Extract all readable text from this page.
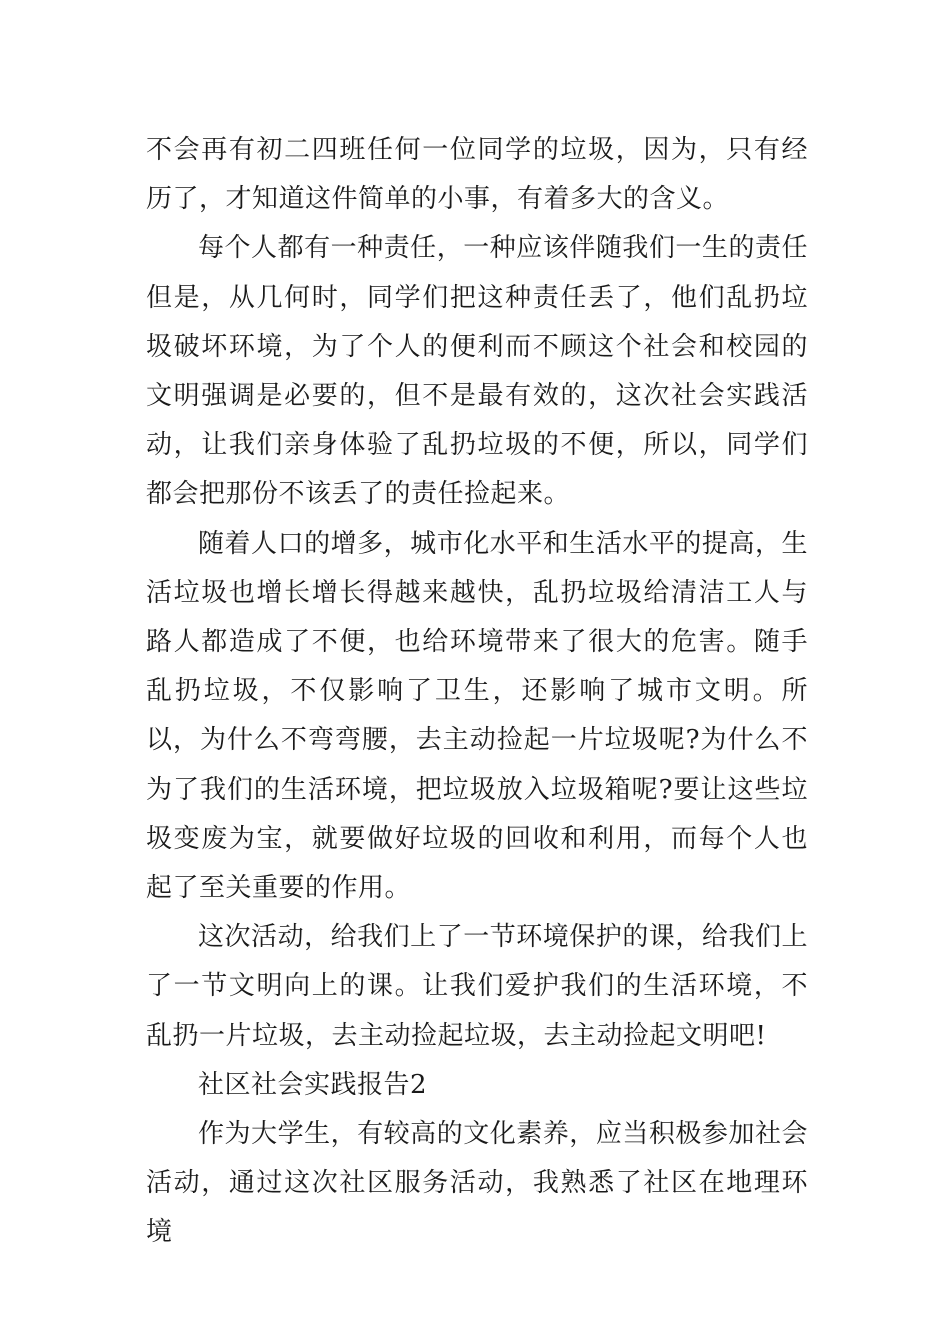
不会再有初二四班任何一位同学的垃圾，因为，只有经历了，才知道这件简单的小事，有着多大的含义。

每个人都有一种责任，一种应该伴随我们一生的责任但是，从几何时，同学们把这种责任丢了，他们乱扔垃圾破坏环境，为了个人的便利而不顾这个社会和校园的文明强调是必要的，但不是最有效的，这次社会实践活动，让我们亲身体验了乱扔垃圾的不便，所以，同学们都会把那份不该丢了的责任捡起来。

随着人口的增多，城市化水平和生活水平的提高，生活垃圾也增长增长得越来越快，乱扔垃圾给清洁工人与路人都造成了不便，也给环境带来了很大的危害。随手乱扔垃圾，不仅影响了卫生，还影响了城市文明。所以，为什么不弯弯腰，去主动捡起一片垃圾呢?为什么不为了我们的生活环境，把垃圾放入垃圾箱呢?要让这些垃圾变废为宝，就要做好垃圾的回收和利用，而每个人也起了至关重要的作用。

这次活动，给我们上了一节环境保护的课，给我们上了一节文明向上的课。让我们爱护我们的生活环境，不乱扔一片垃圾，去主动捡起垃圾，去主动捡起文明吧!

社区社会实践报告2

作为大学生，有较高的文化素养，应当积极参加社会活动，通过这次社区服务活动，我熟悉了社区在地理环境
